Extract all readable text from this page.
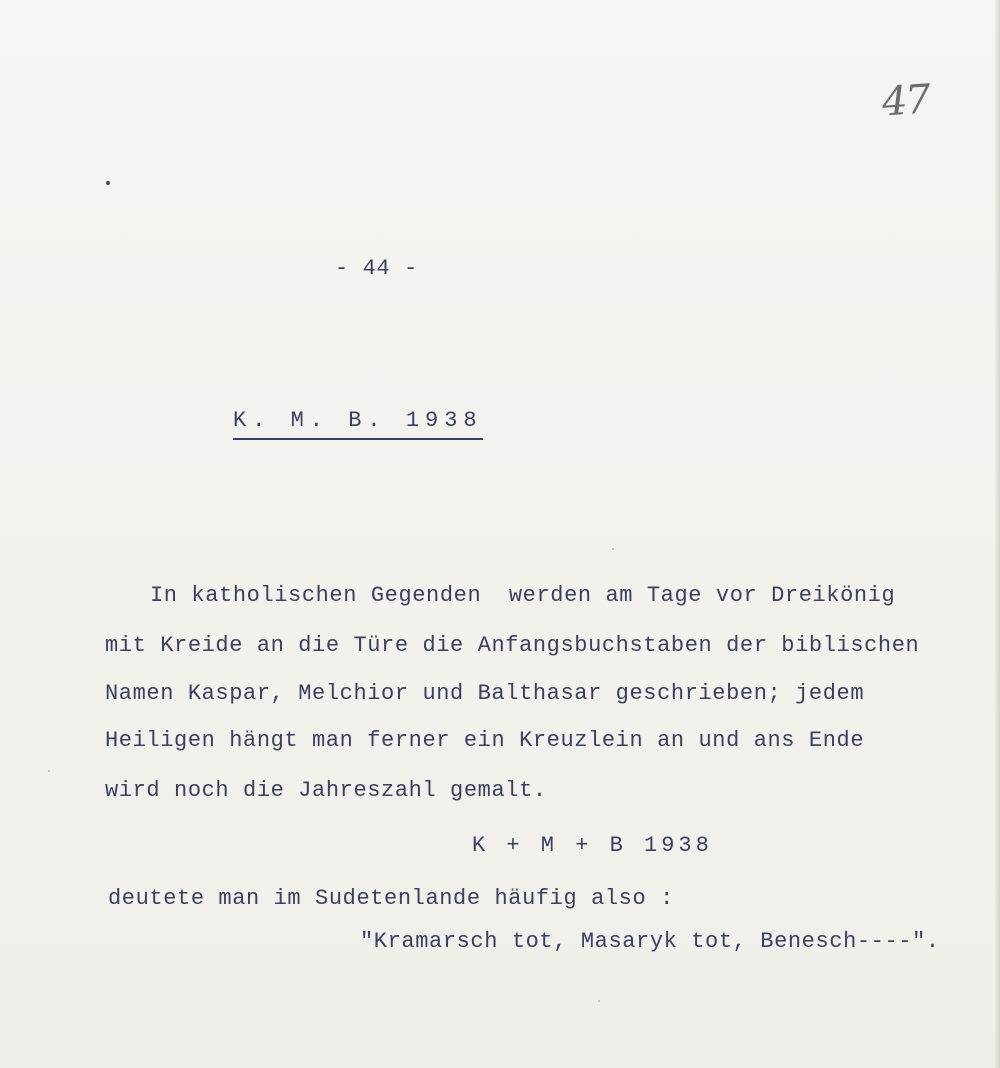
47
- 44 -
K. M. B. 1938
In katholischen Gegenden  werden am Tage vor Dreikönig
mit Kreide an die Türe die Anfangsbuchstaben der biblischen
Namen Kaspar, Melchior und Balthasar geschrieben; jedem
Heiligen hängt man ferner ein Kreuzlein an und ans Ende
wird noch die Jahreszahl gemalt.
K + M + B 1938
deutete man im Sudetenlande häufig also :
"Kramarsch tot, Masaryk tot, Benesch----".
